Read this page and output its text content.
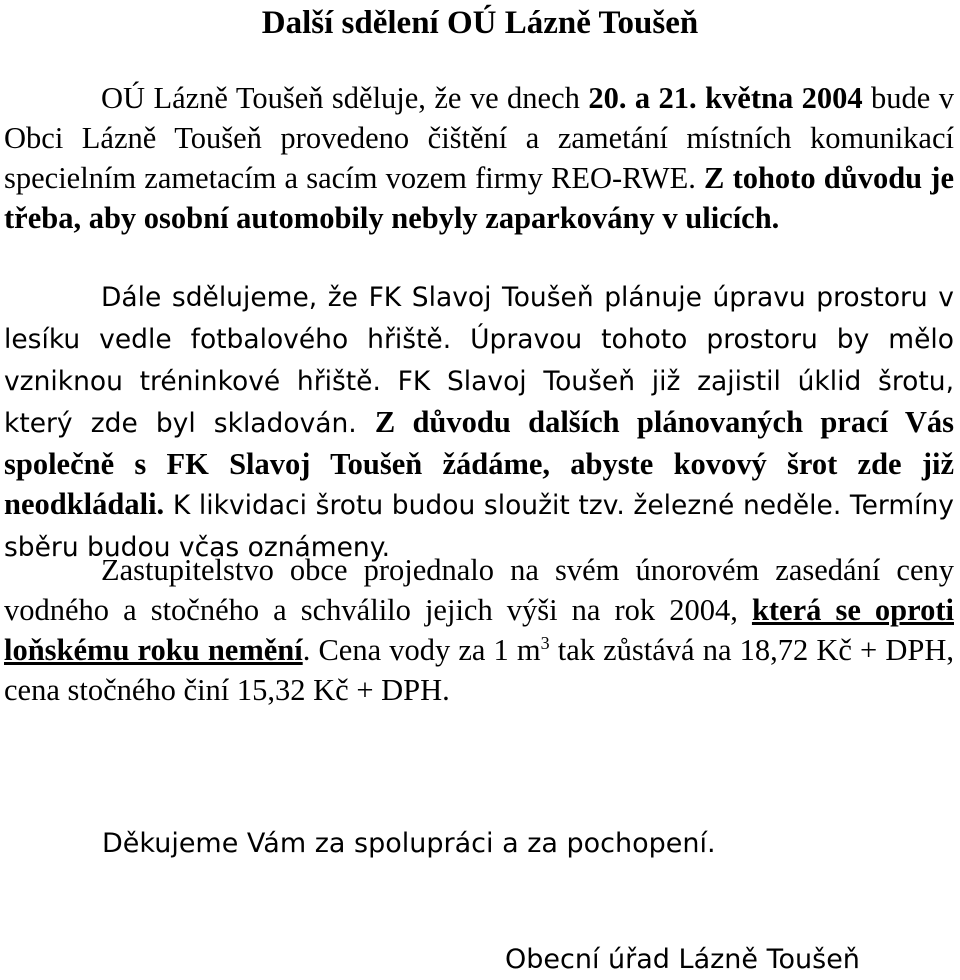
Další sdělení OÚ Lázně Toušeň

OÚ Lázně Toušeň sděluje, že ve dnech 20. a 21. května 2004 bude v Obci Lázně Toušeň provedeno čištění a zametání místních komunikací specielním zametacím a sacím vozem firmy REO-RWE. Z tohoto důvodu je třeba, aby osobní automobily nebyly zaparkovány v ulicích.

Dále sdělujeme, že FK Slavoj Toušeň plánuje úpravu prostoru v lesíku vedle fotbalového hřiště. Úpravou tohoto prostoru by mělo vzniknou tréninkové hřiště. FK Slavoj Toušeň již zajistil úklid šrotu, který zde byl skladován. Z důvodu dalších plánovaných prací Vás společně s FK Slavoj Toušeň žádáme, abyste kovový šrot zde již neodkládali. K likvidaci šrotu budou sloužit tzv. železné neděle. Termíny sběru budou včas oznámeny.

Zastupitelstvo obce projednalo na svém únorovém zasedání ceny vodného a stočného a schválilo jejich výši na rok 2004, která se oproti loňskému roku nemění. Cena vody za 1 $m^3$ tak zůstává na 18,72 Kč + DPH, cena stočného činí 15,32 Kč + DPH.

Děkujeme Vám za spolupráci a za pochopení.

Obecní úřad Lázně Toušeň
